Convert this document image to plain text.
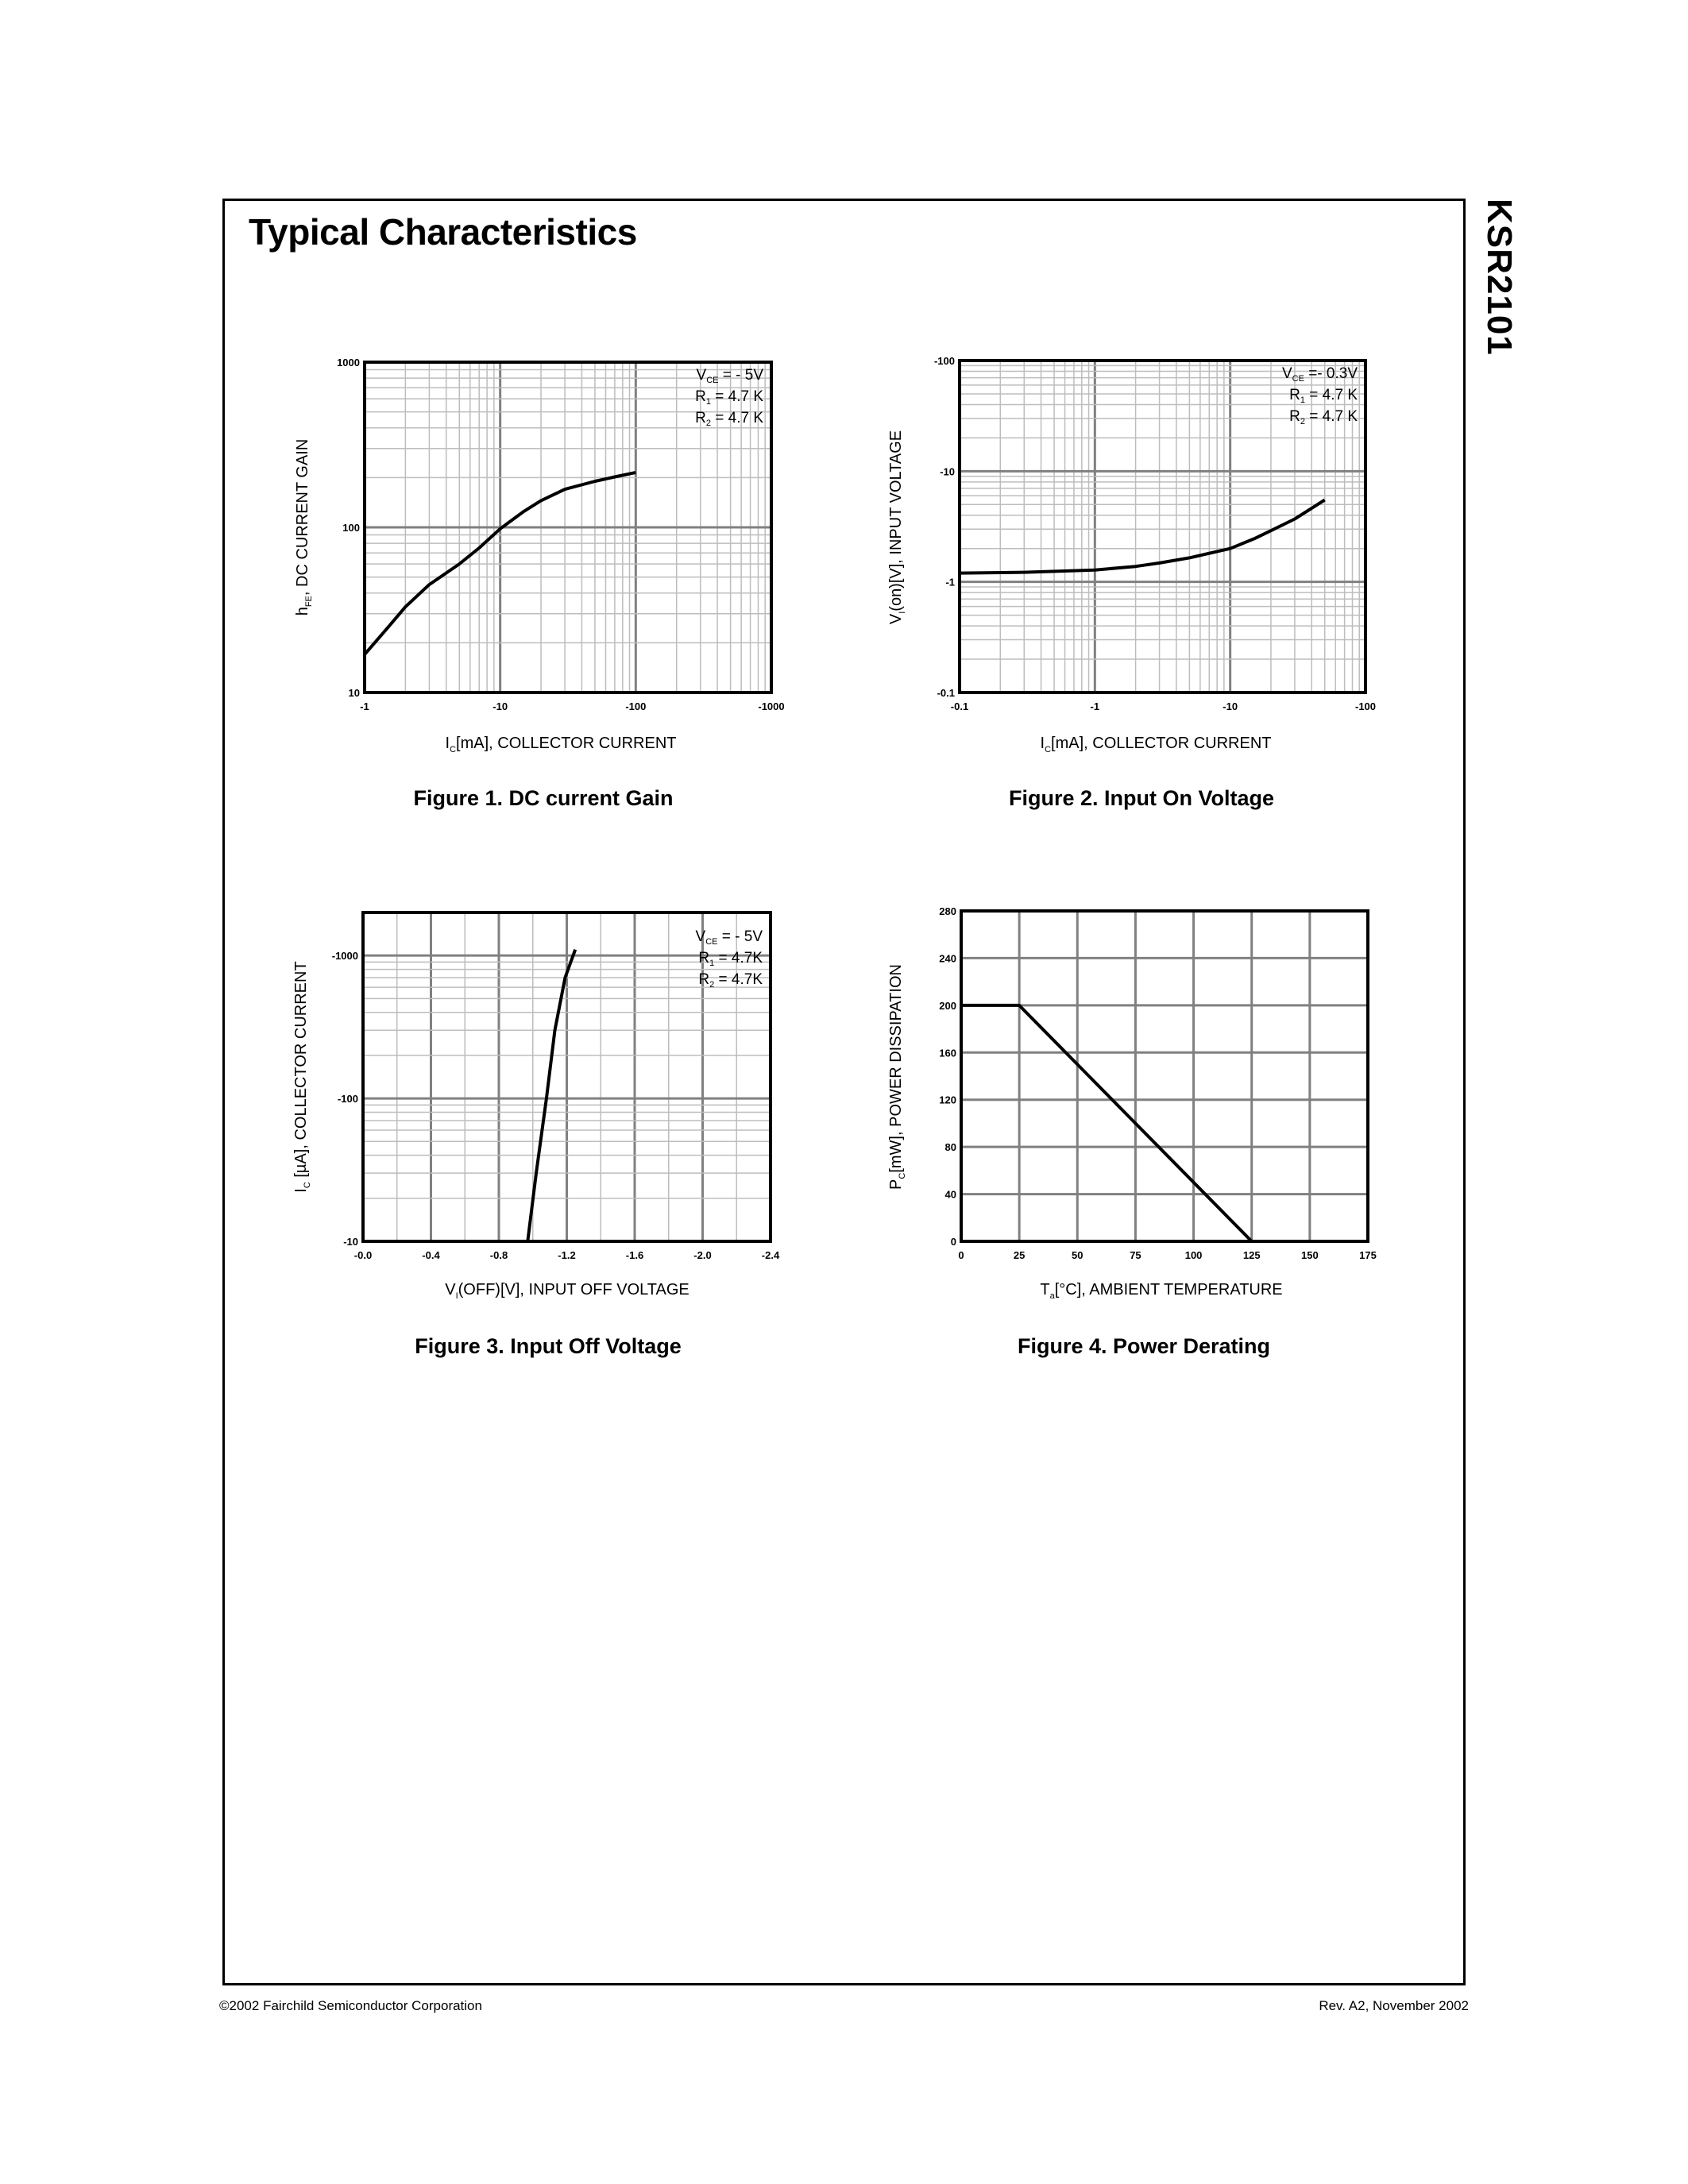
Typical Characteristics	KSR2101
-1	-10	-100	-1000
10
100
1000
$V_{CE}$ = - 5V
$R_1 = 4.7$ K
$R_2 = 4.7$ K
$h_{FE}$, DC CURRENT GAIN
$I_C[mA]$, COLLECTOR CURRENT
Figure 1. DC current Gain
-0.1	-1	-10	-100
-0.1
-1
-10
-100
$V_{CE} =- 0.3V$
$R_1 = 4.7$ K
$R_2 = 4.7$ K
$V_I(on)[V]$, INPUT VOLTAGE
$I_C[mA]$, COLLECTOR CURRENT
Figure 2. Input On Voltage
-0.0	-0.4	-0.8	-1.2	-1.6	-2.0	-2.4
-10
-100
-1000
$V_{CE}$ = - 5V
$R_1 = 4.7K$
$R_2 = 4.7K$
$I_C$ [µA], COLLECTOR CURRENT
$V_I(OFF)[V]$, INPUT OFF VOLTAGE
Figure 3. Input Off Voltage
0	25	50	75	100	125	150	175
0
40
80
120
160
200
240
280
$P_C[mW]$, POWER DISSIPATION
$T_a[^\circ C]$, AMBIENT TEMPERATURE
Figure 4. Power Derating
©2002 Fairchild Semiconductor Corporation	Rev. A2, November 2002
